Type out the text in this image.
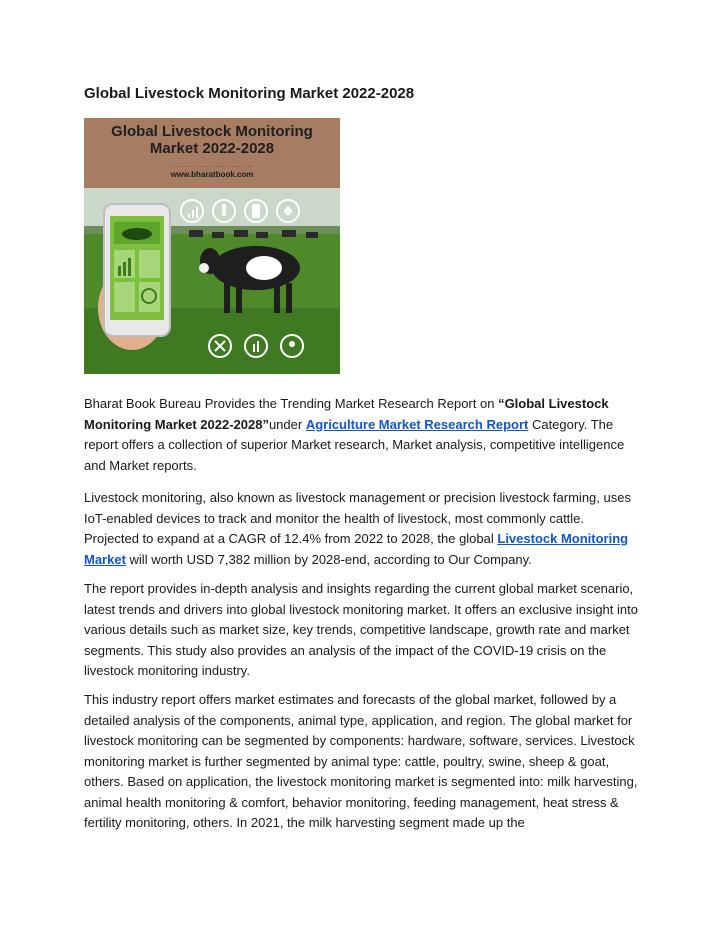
Global Livestock Monitoring Market 2022-2028
Global Livestock Monitoring
Market 2022-2028
..........................
www.bharatbook.com

Bharat Book Bureau Provides the Trending Market Research Report on “Global Livestock Monitoring Market 2022-2028”under Agriculture Market Research Report Category. The report offers a collection of superior Market research, Market analysis, competitive intelligence and Market reports.

Livestock monitoring, also known as livestock management or precision livestock farming, uses IoT-enabled devices to track and monitor the health of livestock, most commonly cattle. Projected to expand at a CAGR of 12.4% from 2022 to 2028, the global Livestock Monitoring Market will worth USD 7,382 million by 2028-end, according to Our Company.

The report provides in-depth analysis and insights regarding the current global market scenario, latest trends and drivers into global livestock monitoring market. It offers an exclusive insight into various details such as market size, key trends, competitive landscape, growth rate and market segments. This study also provides an analysis of the impact of the COVID-19 crisis on the livestock monitoring industry.

This industry report offers market estimates and forecasts of the global market, followed by a detailed analysis of the components, animal type, application, and region. The global market for livestock monitoring can be segmented by components: hardware, software, services. Livestock monitoring market is further segmented by animal type: cattle, poultry, swine, sheep & goat, others. Based on application, the livestock monitoring market is segmented into: milk harvesting, animal health monitoring & comfort, behavior monitoring, feeding management, heat stress & fertility monitoring, others. In 2021, the milk harvesting segment made up the
